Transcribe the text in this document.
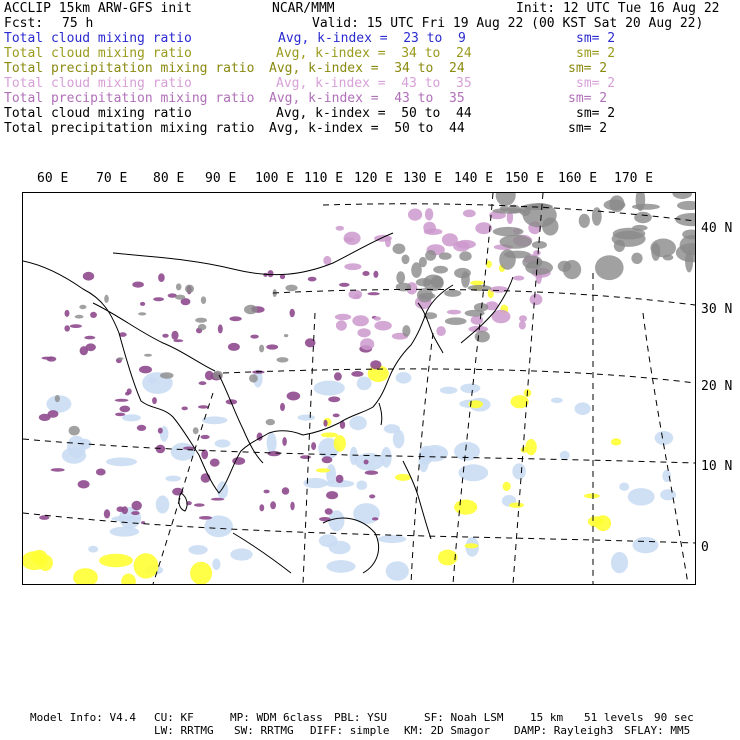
ACCLIP 15km ARW-GFS init	NCAR/MMM	Init: 12 UTC Tue 16 Aug 22
Fcst: 75 h	Valid: 15 UTC Fri 19 Aug 22 (00 KST Sat 20 Aug 22)
Total cloud mixing ratio	Avg, k-index =  23 to  9	sm= 2
Total cloud mixing ratio	Avg, k-index =  34 to  24	sm= 2
Total precipitation mixing ratio Avg, k-index =  34 to  24	sm= 2
Total cloud mixing ratio	Avg, k-index =  43 to  35	sm= 2
Total precipitation mixing ratio Avg, k-index =  43 to  35	sm= 2
Total cloud mixing ratio	Avg, k-index =  50 to  44	sm= 2
Total precipitation mixing ratio Avg, k-index =  50 to  44	sm= 2
60 E 70 E 80 E 90 E 100 E 110 E 120 E 130 E 140 E 150 E 160 E 170 E
40 N
30 N
20 N
10 N
0
Model Info: V4.4 CU: KF	MP: WDM 6class PBL: YSU	SF: Noah LSM 15 km 51 levels 90 sec
LW: RRTMG SW: RRTMG DIFF: simple KM: 2D Smagor DAMP: Rayleigh3 SFLAY: MM5
